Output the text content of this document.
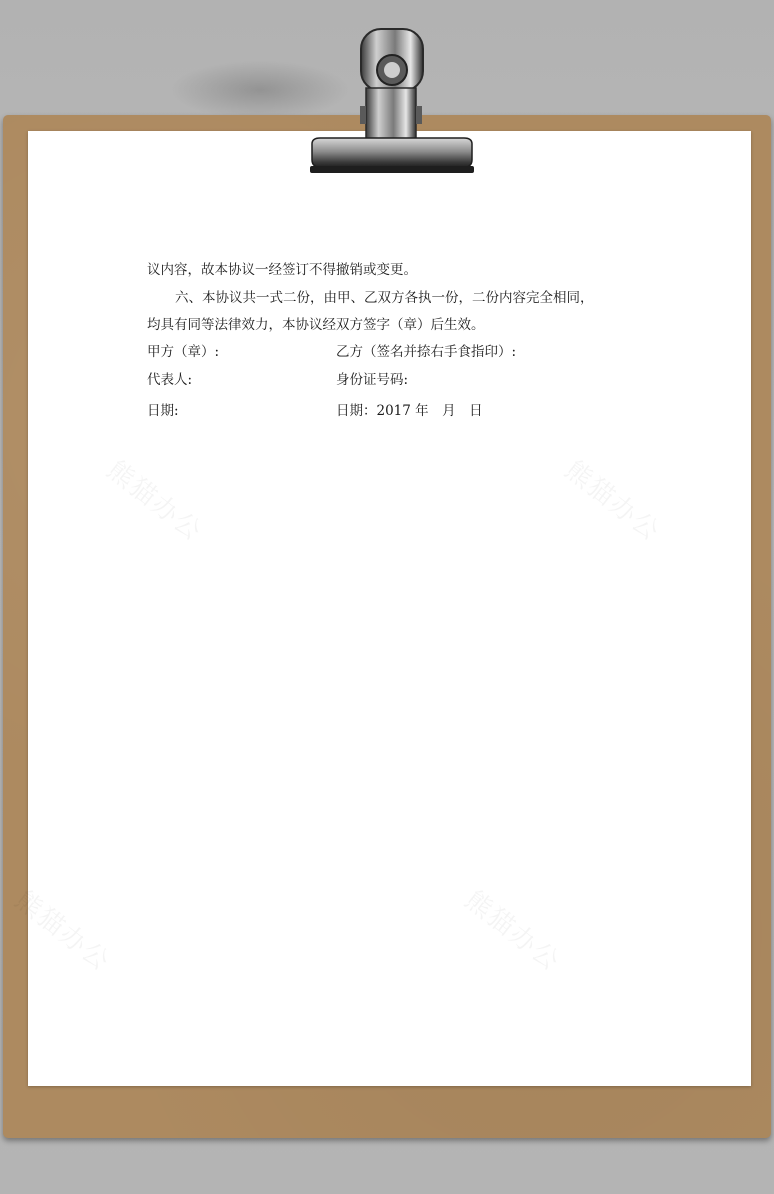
议内容，故本协议一经签订不得撤销或变更。
六、本协议共一式二份，由甲、乙双方各执一份，二份内容完全相同，
均具有同等法律效力，本协议经双方签字（章）后生效。
甲方（章）:	乙方（签名并捺右手食指印）:
代表人:	身份证号码:
日期:	日期：2017 年　月　日
